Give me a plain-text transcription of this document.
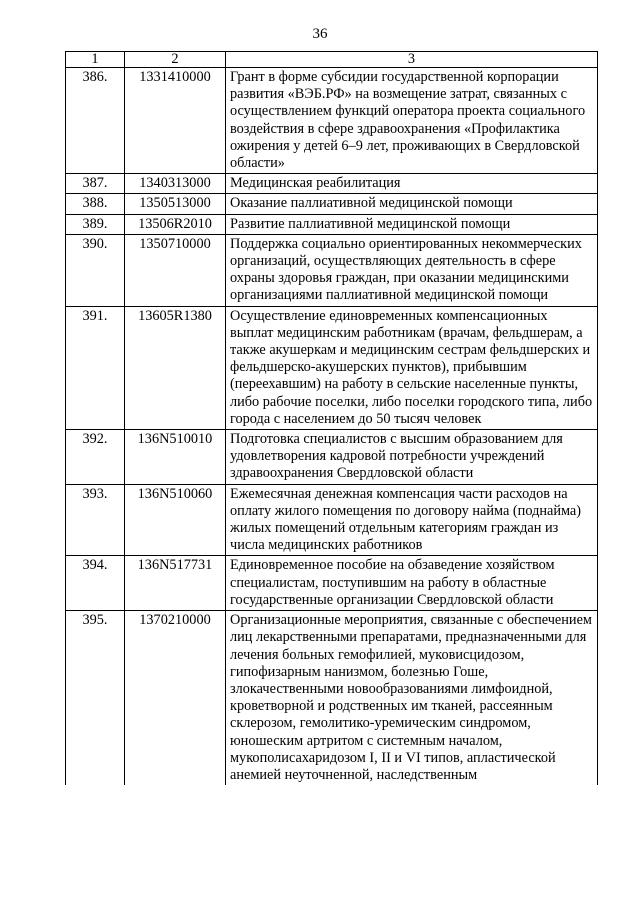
36
1	2	3
386.	1331410000	Грант в форме субсидии государственной корпорации развития «ВЭБ.РФ» на возмещение затрат, связанных с осуществлением функций оператора проекта социального воздействия в сфере здравоохранения «Профилактика ожирения у детей 6–9 лет, проживающих в Свердловской области»
387.	1340313000	Медицинская реабилитация
388.	1350513000	Оказание паллиативной медицинской помощи
389.	13506R2010	Развитие паллиативной медицинской помощи
390.	1350710000	Поддержка социально ориентированных некоммерческих организаций, осуществляющих деятельность в сфере охраны здоровья граждан, при оказании медицинскими организациями паллиативной медицинской помощи
391.	13605R1380	Осуществление единовременных компенсационных выплат медицинским работникам (врачам, фельдшерам, а также акушеркам и медицинским сестрам фельдшерских и фельдшерско-акушерских пунктов), прибывшим (переехавшим) на работу в сельские населенные пункты, либо рабочие поселки, либо поселки городского типа, либо города с населением до 50 тысяч человек
392.	136N510010	Подготовка специалистов с высшим образованием для удовлетворения кадровой потребности учреждений здравоохранения Свердловской области
393.	136N510060	Ежемесячная денежная компенсация части расходов на оплату жилого помещения по договору найма (поднайма) жилых помещений отдельным категориям граждан из числа медицинских работников
394.	136N517731	Единовременное пособие на обзаведение хозяйством специалистам, поступившим на работу в областные государственные организации Свердловской области
395.	1370210000	Организационные мероприятия, связанные с обеспечением лиц лекарственными препаратами, предназначенными для лечения больных гемофилией, муковисцидозом, гипофизарным нанизмом, болезнью Гоше, злокачественными новообразованиями лимфоидной, кроветворной и родственных им тканей, рассеянным склерозом, гемолитико-уремическим синдромом, юношеским артритом с системным началом, мукополисахаридозом I, II и VI типов, апластической анемией неуточненной, наследственным
